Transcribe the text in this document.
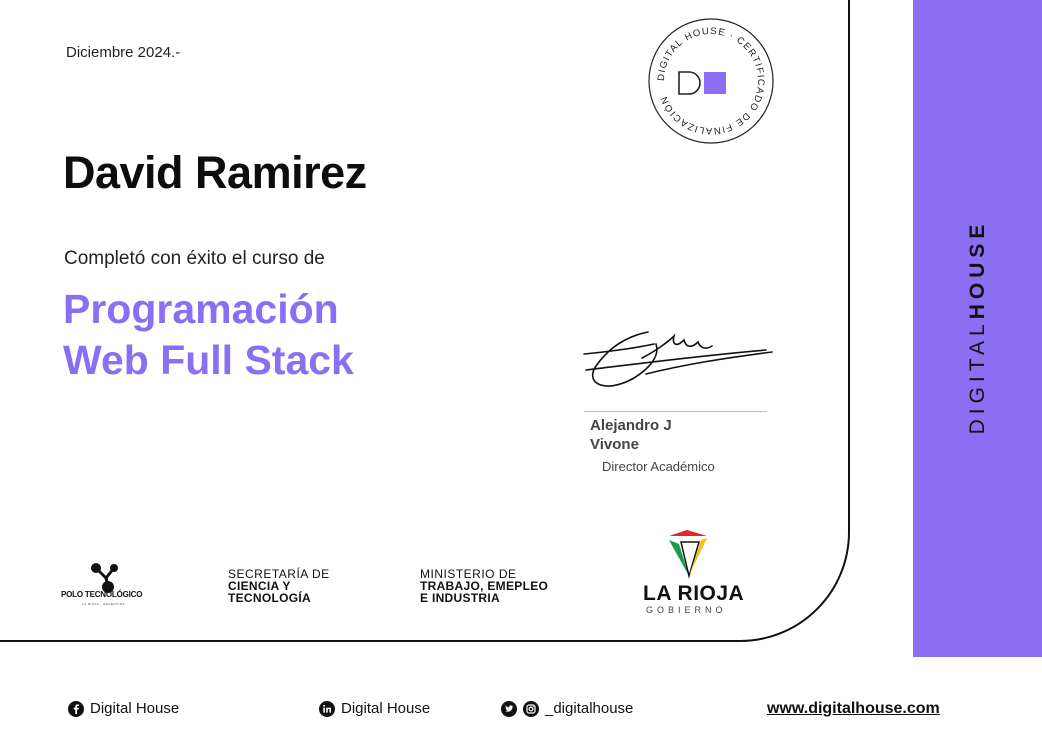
DIGITALHOUSE
Diciembre 2024.-
DIGITAL HOUSE · CERTIFICADO DE FINALIZACIÓN
David Ramirez
Completó con éxito el curso de
Programación
Web Full Stack
Alejandro J
Vivone
Director Académico
POLO TECNOLÓGICO
LA RIOJA · ARGENTINA
SECRETARÍA DE
CIENCIA Y
TECNOLOGÍA
MINISTERIO DE
TRABAJO, EMEPLEO
E INDUSTRIA	LA RIOJA
GOBIERNO
Digital House	Digital House	_digitalhouse	www.digitalhouse.com
